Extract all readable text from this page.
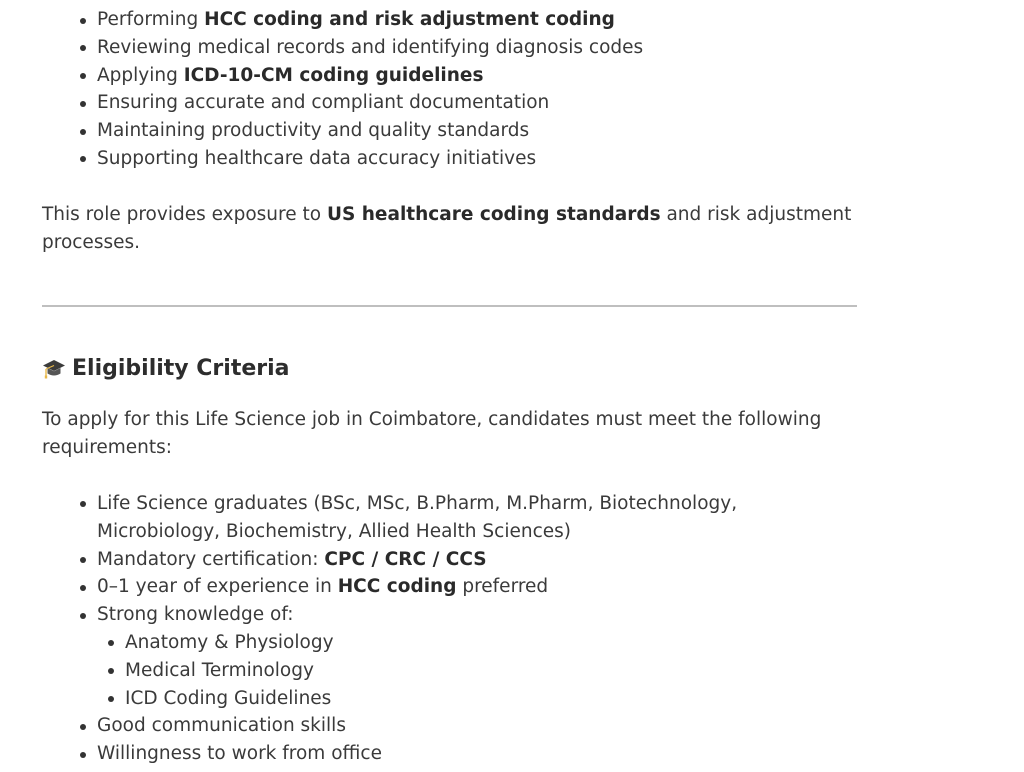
Performing HCC coding and risk adjustment coding
Reviewing medical records and identifying diagnosis codes
Applying ICD-10-CM coding guidelines
Ensuring accurate and compliant documentation
Maintaining productivity and quality standards
Supporting healthcare data accuracy initiatives

This role provides exposure to US healthcare coding standards and risk adjustment processes.

Eligibility Criteria

To apply for this Life Science job in Coimbatore, candidates must meet the following requirements:

Life Science graduates (BSc, MSc, B.Pharm, M.Pharm, Biotechnology, Microbiology, Biochemistry, Allied Health Sciences)
Mandatory certification: CPC / CRC / CCS
0–1 year of experience in HCC coding preferred
Strong knowledge of:
Anatomy & Physiology
Medical Terminology
ICD Coding Guidelines
Good communication skills
Willingness to work from office
